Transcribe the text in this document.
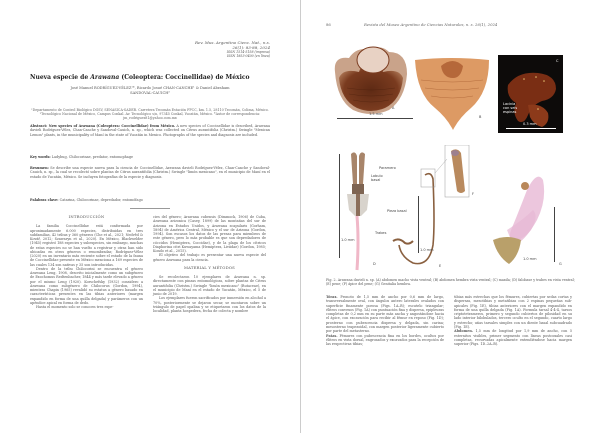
Rev. Mus. Argentino Cienc. Nat., n.s.
26(1): 83-88, 2024
ISSN 1514-5158 (impresa)
ISSN 1853-0400 (en línea)
Nueva especie de Arawana (Coleoptera: Coccinellidae) de México
José Manuel RODRÍGUEZ-VÉLEZ¹*, Ricardo Josué CHAN-CANCHE¹ & Daniel Abraham
SANDOVAL-CAUICH²
¹Departamento de Control Biológico DGSV, SENASICA-SADER. Carretera Tecomán Estación FFCC, km. 1.5, 28110 Tecomán, Colima, México. ²Tecnológico Nacional de México, Campus Conkal. Av. Tecnológico s/n, 97345 Conkal, Yucatán, México. *Autor de correspondencia: jm_rodriguez81@yahoo.com.mx
Abstract: New species of Arawana (Coleoptera: Coccinellidae) from México. A new species of Coccinellidae is described, Arawana davieli Rodríguez-Vélez, Chan-Canche y Sandoval-Cauich, n. sp., which was collected on Citrus aurantifolia (Christm.) Swingle "Mexican Lemon" plants, in the municipality of Maní in the state of Yucatán in Mexico. Photographs of the species and diagnosis are included.
Key words: Ladybug, Chilocorinae, predator, entomophage
Resumen: Se describe una especie nueva para la ciencia de Coccinellidae, Arawana davieli Rodríguez-Vélez, Chan-Canche y Sandoval-Cauich, n. sp., la cual se recolectó sobre plantas de Citrus aurantifolia (Christm.) Swingle "limón mexicano", en el municipio de Maní en el estado de Yucatán, México. Se incluyen fotografías de la especie y diagnosis.
Palabras clave: Catarina, Chilocorinae, depredador, entomófago
INTRODUCCIÓN

La familia Coccinellidae está conformada por aproximadamente 6.000 especies, distribuidas en tres subfamilias, 42 tribus y 360 géneros (Che et al., 2021; Nedvěd & Kovář, 2012; Szawaryn et al., 2020). En México, Blackwelder (1945) registró 188 especies y subespecies, sin embargo, muchas de estas especies no se han vuelto a registrar y otras han sido ubicadas en otros géneros o renombradas; Rodríguez-Vélez (2020) en un inventario más reciente sobre el estado de la fauna de Coccinellidae presente en México menciona a 169 especies de las cuales 134 son nativas y 35 son introducidas.

Dentro de la tribu Chilocorini se encuentra el género Arawana Leng, 1908, descrito inicialmente como un subgénero de Exochomus Redtenbacher, 1844 y más tarde elevado a género por el mismo Leng (1920). Korschefsky (1932) considero a Arawana como subgénero de Chilocorus (Gordon, 1994), mientras Chapin (1965) revalidó su estatus a género basado en características presentes en las tibias anteriores (margen expandido en forma de una quilla delgada) y parámeros con un apéndice apical en forma de dedo.

Hasta el momento solo se conocen tres espe-

cies del género; Arawana cubensis (Dimmock, 1906) de Cuba, Arawana arizonica (Casey, 1899) de las montañas del sur de Arizona en Estados Unidos, y Arawana scapularis (Gorham, 1894) de América Central, México y el sur de Arizona (Gordon, 1994). Son escasos los datos de las presas para miembros de este género, pero lo más probable es que son depredadores de cóccidos (Hemiptera, Coccidae), y de la plaga de los cítricos Diaphorina citri Kuwayama (Hemiptera, Liviidae) (Gordon, 1985; Kondo et al., 2015).

El objetivo del trabajo es presentar una nueva especie del género Arawana para la ciencia.

MATERIAL Y MÉTODOS

Se recolectaron 10 ejemplares de Arawana n. sp. directamente con pinzas entomológicas, sobre plantas de Citrus aurantifolia (Christm.) Swingle "limón mexicano" (Rutaceae), en el municipio de Maní en el estado de Yucatán, México, el 5 de junio de 2019.

Los ejemplares fueron sacrificados por inmersión en alcohol a 70%, posteriormente se dejaron secar, se montaron sobre un triángulo de papel opalina y se etiquetaron con los datos de la localidad, planta hospedera, fecha de colecta y nombre

86	Revista del Museo Argentino de Ciencias Naturales, n. s. 26(1), 2024
A
1.5 mm
B
C
Lacinia con seis espinas
0.3 mm
1.0 mm
Paramero
Lobulo basal
Pieza basal
Trabes
D
1.0 mm
E
F
1.0 mm
G
Fig. 2. Arawana davieli n. sp. (A) abdomen macho vista ventral; (B) abdomen hembra vista ventral; (C) maxila; (D) falobase y trabes en vista ventral; (E) pene; (F) ápice del pene; (G) Genitalia hembra.
Tórax. Pronoto de 1,5 mm de ancho por 0,6 mm de largo, transversalmente oval, con ángulos antero laterales ovalados con superficie finamente porosa (Figs. 1A–B); escutelo triangular; élitros convexos (Fig. 1A) con puntuación fina y dispersa, epipleuras completas de 0,2 mm en su parte más ancha y angostándose hacia el ápice, con excavación para recibir al fémur en reposo (Fig. 1D); prosterno con pubescencia dispersa y delgada, sin carina; mesosterno trapezoidal, con margen posterior ligeramente cubierto por parte del metasterno.
Patas. Fémures con pubescencia fina en los bordes, ocultos por élitros en vista dorsal, engrosados y excavados para la recepción de las respectivas tibias;
tibias más estrechas que los fémures, cubiertas por sedas cortas y dispersas, mesotibias y metatibias con 2 espinas pequeñas sub-apicales (Fig. 1E), tibias anteriores con el margen expandido en forma de una quilla delgada (Fig. 1A). Formula tarsal 4-4-4, tarsos criptotetrameros, primero y segundo cubiertos de pilosidad en su lado interior bilobulados, tercero oculto en el segundo, cuarto largo y estrecho; uñas tarsales simples con un diente basal subcuadrado (Fig. 1E).
Abdomen. 1,5 mm de longitud por 1,9 mm de ancho, con 5 esternitos visibles, primer segmento con líneas postcoxales casi completas, recurvadas apicalmente extendiéndose hacia margen superior (Figs. 1D–2A–B).
